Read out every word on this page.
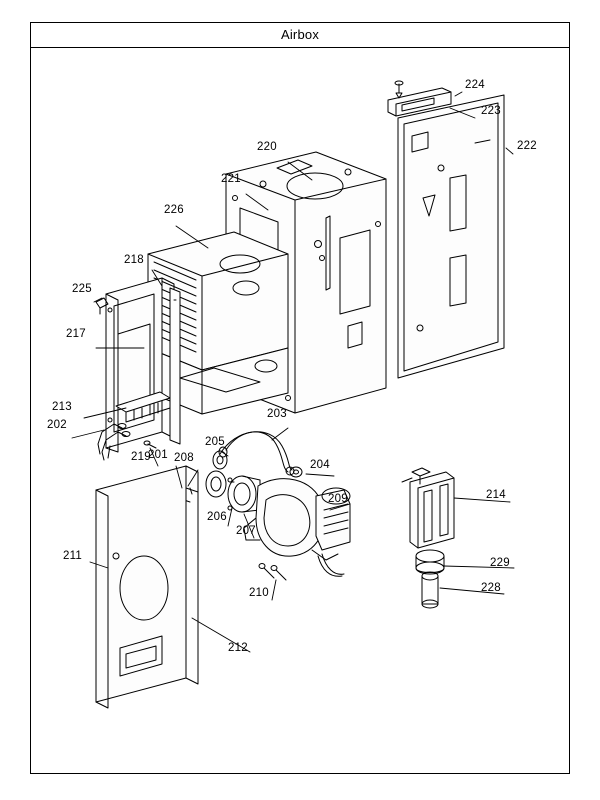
Airbox
201
202
203
204
205
206
207
208
209
210
211
212
213
214
217
218
219
220
221
222
223
224
225
226
228
229
